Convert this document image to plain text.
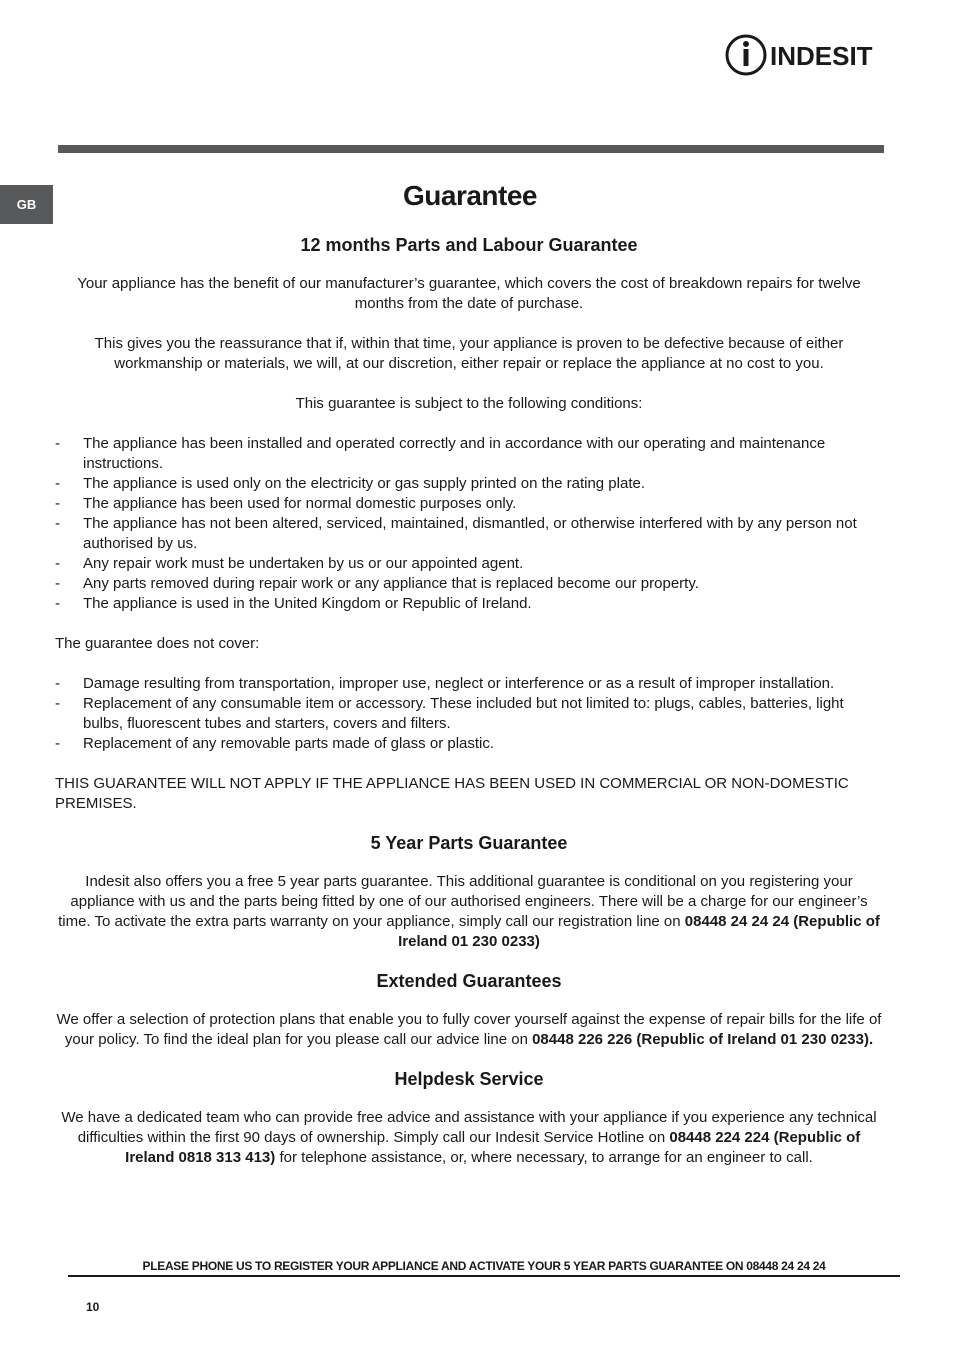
INDESIT
GB	Guarantee
12 months Parts and Labour Guarantee

Your appliance has the benefit of our manufacturer’s guarantee, which covers the cost of breakdown repairs for twelve months from the date of purchase.

This gives you the reassurance that if, within that time, your appliance is proven to be defective because of either workmanship or materials, we will, at our discretion, either repair or replace the appliance at no cost to you.

This guarantee is subject to the following conditions:

- The appliance has been installed and operated correctly and in accordance with our operating and maintenance instructions.
- The appliance is used only on the electricity or gas supply printed on the rating plate.
- The appliance has been used for normal domestic purposes only.
- The appliance has not been altered, serviced, maintained, dismantled, or otherwise interfered with by any person not authorised by us.
- Any repair work must be undertaken by us or our appointed agent.
- Any parts removed during repair work or any appliance that is replaced become our property.
- The appliance is used in the United Kingdom or Republic of Ireland.

The guarantee does not cover:

- Damage resulting from transportation, improper use, neglect or interference or as a result of improper installation.
- Replacement of any consumable item or accessory. These included but not limited to: plugs, cables, batteries, light bulbs, fluorescent tubes and starters, covers and filters.
- Replacement of any removable parts made of glass or plastic.

THIS GUARANTEE WILL NOT APPLY IF THE APPLIANCE HAS BEEN USED IN COMMERCIAL OR NON-DOMESTIC PREMISES.

5 Year Parts Guarantee

Indesit also offers you a free 5 year parts guarantee. This additional guarantee is conditional on you registering your appliance with us and the parts being fitted by one of our authorised engineers. There will be a charge for our engineer’s time. To activate the extra parts warranty on your appliance, simply call our registration line on 08448 24 24 24 (Republic of Ireland 01 230 0233)

Extended Guarantees

We offer a selection of protection plans that enable you to fully cover yourself against the expense of repair bills for the life of your policy. To find the ideal plan for you please call our advice line on 08448 226 226 (Republic of Ireland 01 230 0233).

Helpdesk Service

We have a dedicated team who can provide free advice and assistance with your appliance if you experience any technical difficulties within the first 90 days of ownership. Simply call our Indesit Service Hotline on 08448 224 224 (Republic of Ireland 0818 313 413) for telephone assistance, or, where necessary, to arrange for an engineer to call.

PLEASE PHONE US TO REGISTER YOUR APPLIANCE AND ACTIVATE YOUR 5 YEAR PARTS GUARANTEE ON 08448 24 24 24
10
